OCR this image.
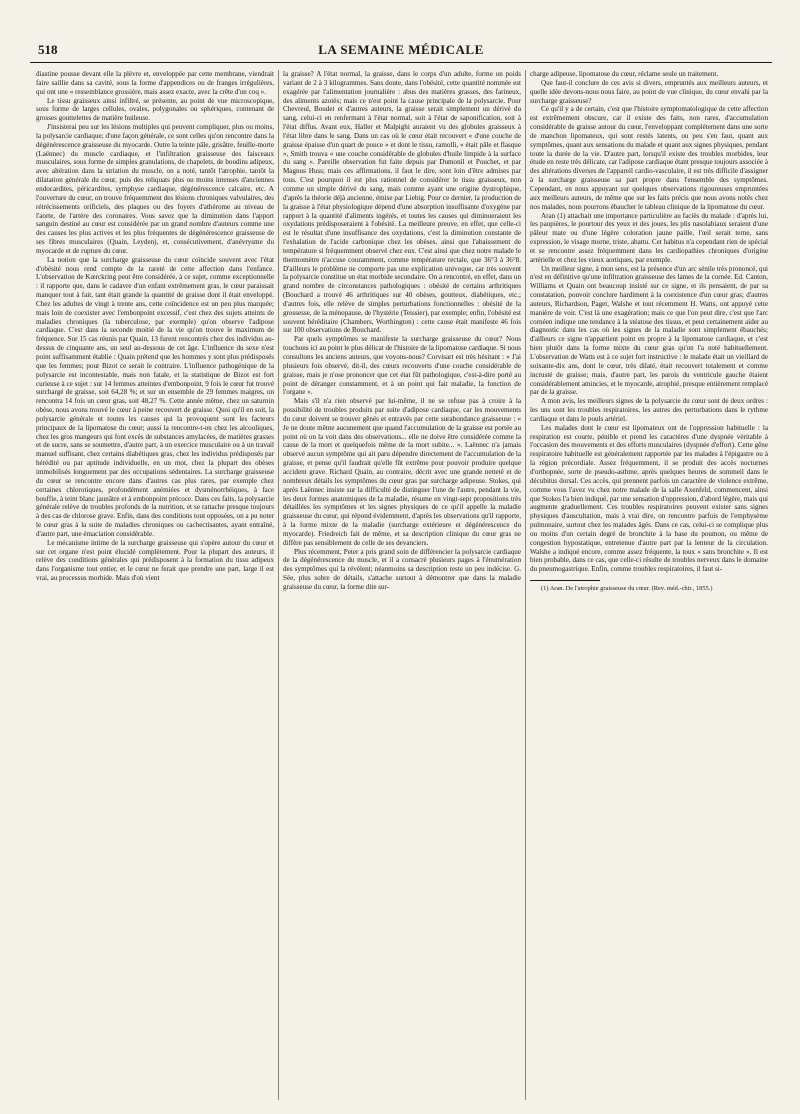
518	LA SEMAINE MÉDICALE

diastine pousse devant elle la plèvre et, enveloppée par cette membrane, viendrait faire saillie dans sa cavité, sous la forme d'appendices ou de franges irrégulières, qui ont une « ressemblance grossière, mais assez exacte, avec la crête d'un coq ».

Le tissu graisseux ainsi infiltré, se présente, au point de vue microscopique, sous forme de larges cellules, ovales, polygonales ou sphériques, contenant de grosses gouttelettes de matière huileuse.

J'insisterai peu sur les lésions multiples qui peuvent compliquer, plus ou moins, la polysarcie cardiaque; d'une façon générale, ce sont celles qu'on rencontre dans la dégénérescence graisseuse du myocarde. Outre la teinte pâle, grisâtre, feuille-morte (Laënnec) du muscle cardiaque, et l'infiltration graisseuse des faisceaux musculaires, sous forme de simples granulations, de chapelets, de boudins adipeux, avec altération dans la striation du muscle, on a noté, tantôt l'atrophie, tantôt la dilatation générale du cœur, puis des reliquats plus ou moins intenses d'anciennes endocardites, péricardites, symphyse cardiaque, dégénérescence calcaire, etc. A l'ouverture du cœur, on trouve fréquemment des lésions chroniques valvulaires, des rétrécissements orificiels, des plaques ou des foyers d'athérome au niveau de l'aorte, de l'artère des coronaires. Vous savez que la diminution dans l'apport sanguin destiné au cœur est considérée par un grand nombre d'auteurs comme une des causes les plus actives et les plus fréquentes de dégénérescence graisseuse de ses fibres musculaires (Quain, Leyden), et, consécutivement, d'anévrysme du myocarde et de rupture du cœur.

La notion que la surcharge graisseuse du cœur coïncide souvent avec l'état d'obésité nous rend compte de la rareté de cette affection dans l'enfance. L'observation de Kœrckring peut être considérée, à ce sujet, comme exceptionnelle : il rapporte que, dans le cadavre d'un enfant extrêmement gras, le cœur paraissait manquer tout à fait, tant était grande la quantité de graisse dont il était enveloppé. Chez les adultes de vingt à trente ans, cette coïncidence est un peu plus marquée; mais loin de coexister avec l'embonpoint excessif, c'est chez des sujets atteints de maladies chroniques (la tuberculose, par exemple) qu'on observe l'adipose cardiaque. C'est dans la seconde moitié de la vie qu'on trouve le maximum de fréquence. Sur 15 cas réunis par Quain, 13 furent rencontrés chez des individus au-dessus de cinquante ans, un seul au-dessous de cet âge. L'influence du sexe n'est point suffisamment établie : Quain prétend que les hommes y sont plus prédisposés que les femmes; pour Bizot ce serait le contraire. L'influence pathogénique de la polysarcie est incontestable, mais non fatale, et la statistique de Bizot est fort curieuse à ce sujet : sur 14 femmes atteintes d'embonpoint, 9 fois le cœur fut trouvé surchargé de graisse, soit 64,28 %; et sur un ensemble de 29 femmes maigres, on rencontra 14 fois un cœur gras, soit 48,27 %. Cette année même, chez un saturnin obèse, nous avons trouvé le cœur à peine recouvert de graisse. Quoi qu'il en soit, la polysarcie générale et toutes les causes qui la provoquent sont les facteurs principaux de la lipomatose du cœur; aussi la rencontre-t-on chez les alcooliques, chez les gros mangeurs qui font excès de substances amylacées, de matières grasses et de sucre, sans se soumettre, d'autre part, à un exercice musculaire ou à un travail manuel suffisant, chez certains diabétiques gras, chez les individus prédisposés par hérédité ou par aptitude individuelle, en un mot, chez la plupart des obèses immobilisés longuement par des occupations sédentaires. La surcharge graisseuse du cœur se rencontre encore dans d'autres cas plus rares, par exemple chez certaines chlorotiques, profondément anémiées et dysménorrhéiques, à face bouffie, à teint blanc jaunâtre et à embonpoint précoce. Dans ces faits, la polysarcie générale relève de troubles profonds de la nutrition, et se rattache presque toujours à des cas de chlorose grave. Enfin, dans des conditions tout opposées, on a pu noter le cœur gras à la suite de maladies chroniques ou cachectisantes, ayant entraîné, d'autre part, une émaciation considérable.

Le mécanisme intime de la surcharge graisseuse qui s'opère autour du cœur et sur cet organe n'est point élucidé complètement. Pour la plupart des auteurs, il relève des conditions générales qui prédisposent à la formation du tissu adipeux dans l'organisme tout entier, et le cœur ne ferait que prendre une part, large il est vrai, au processus morbide. Mais d'où vient

la graisse? A l'état normal, la graisse, dans le corps d'un adulte, forme un poids variant de 2 à 3 kilogrammes. Sans doute, dans l'obésité, cette quantité nommée est exagérée par l'alimentation journalière : abus des matières grasses, des farineux, des aliments azotés; mais ce n'est point la cause principale de la polysarcie. Pour Chevreul, Boudet et d'autres auteurs, la graisse serait simplement un dérivé du sang, celui-ci en renfermant à l'état normal, soit à l'état de saponification, soit à l'état diffus. Avant eux, Haller et Malpighi auraient vu des globules graisseux à l'état libre dans le sang. Dans un cas où le cœur était recouvert « d'une couche de graisse épaisse d'un quart de pouce » et dont le tissu, ramolli, « était pâle et flasque », Smith trouva « une couche considérable de globules d'huile limpide à la surface du sang ». Pareille observation fut faite depuis par Dumonil et Pouchet, et par Magnus Huss; mais ces affirmations, il faut le dire, sont loin d'être admises par tous. C'est pourquoi il est plus rationnel de considérer le tissu graisseux, non comme un simple dérivé du sang, mais comme ayant une origine dystrophique, d'après la théorie déjà ancienne, émise par Liebig. Pour ce dernier, la production de la graisse à l'état physiologique dépend d'une absorption insuffisante d'oxygène par rapport à la quantité d'aliments ingérés, et toutes les causes qui diminueraient les oxydations prédisposeraient à l'obésité. La meilleure preuve, en effet, que celle-ci est le résultat d'une insuffisance des oxydations, c'est la diminution constante de l'exhalation de l'acide carbonique chez les obèses, ainsi que l'abaissement de température si fréquemment observé chez eux. C'est ainsi que chez notre malade le thermomètre n'accuse couramment, comme température rectale, que 36°3 à 36°8. D'ailleurs le problème ne comporte pas une explication univoque, car très souvent la polysarcie constitue un état morbide secondaire. On a rencontré, en effet, dans un grand nombre de circonstances pathologiques : obésité de certains arthritiques (Bouchard a trouvé 46 arthritiques sur 40 obèses, goutteux, diabétiques, etc.; d'autres fois, elle relève de simples perturbations fonctionnelles : obésité de la grossesse, de la ménopause, de l'hystérie (Teissier), par exemple; enfin, l'obésité est souvent héréditaire (Chambers, Worthington) : cette cause était manifeste 46 fois sur 100 observations de Bouchard.

Par quels symptômes se manifeste la surcharge graisseuse du cœur? Nous touchons ici au point le plus délicat de l'histoire de la lipomatose cardiaque. Si nous consultons les anciens auteurs, que voyons-nous? Corvisart est très hésitant : « J'ai plusieurs fois observé, dit-il, des cœurs recouverts d'une couche considérable de graisse, mais je n'ose prononcer que cet état fût pathologique, c'est-à-dire porté au point de déranger constamment, et à un point qui fait maladie, la fonction de l'organe ».

Mais s'il n'a rien observé par lui-même, il ne se refuse pas à croire à la possibilité de troubles produits par suite d'adipose cardiaque, car les mouvements du cœur doivent se trouver gênés et entravés par cette surabondance graisseuse : « Je ne doute même aucunement que quand l'accumulation de la graisse est portée au point où on la voit dans des observations... elle ne doive être considérée comme la cause de la mort et quelquefois même de la mort subite... ». Laënnec n'a jamais observé aucun symptôme qui ait paru dépendre directement de l'accumulation de la graisse, et pense qu'il faudrait qu'elle fût extrême pour pouvoir produire quelque accident grave. Richard Quain, au contraire, décrit avec une grande netteté et de nombreux détails les symptômes du cœur gras par surcharge adipeuse. Stokes, qui après Laënnec insiste sur la difficulté de distinguer l'une de l'autre, pendant la vie, les deux formes anatomiques de la maladie, résume en vingt-sept propositions très détaillées les symptômes et les signes physiques de ce qu'il appelle la maladie graisseuse du cœur, qui répond évidemment, d'après les observations qu'il rapporte, à la forme mixte de la maladie (surcharge extérieure et dégénérescence du myocarde). Friedreich fait de même, et sa description clinique du cœur gras ne diffère pas sensiblement de celle de ses devanciers.

Plus récemment, Peter a pris grand soin de différencier la polysarcie cardiaque de la dégénérescence du muscle, et il a consacré plusieurs pages à l'énumération des symptômes qui la révèlent; néanmoins sa description reste un peu indécise. G. Sée, plus sobre de détails, s'attache surtout à démontrer que dans la maladie graisseuse du cœur, la forme dite sur-

charge adipeuse, lipomatose du cœur, réclame seule un traitement.

Que faut-il conclure de ces avis si divers, empruntés aux meilleurs auteurs, et quelle idée devons-nous nous faire, au point de vue clinique, du cœur envahi par la surcharge graisseuse?

Ce qu'il y a de certain, c'est que l'histoire symptomatologique de cette affection est extrêmement obscure, car il existe des faits, non rares, d'accumulation considérable de graisse autour du cœur, l'enveloppant complètement dans une sorte de manchon lipomateux, qui sont restés latents, ou peu s'en faut, quant aux symptômes, quant aux sensations du malade et quant aux signes physiques, pendant toute la durée de la vie. D'autre part, lorsqu'il existe des troubles morbides, leur étude en reste très délicate, car l'adipose cardiaque étant presque toujours associée à des altérations diverses de l'appareil cardio-vasculaire, il est très difficile d'assigner à la surcharge graisseuse sa part propre dans l'ensemble des symptômes. Cependant, en nous appuyant sur quelques observations rigoureuses empruntées aux meilleurs auteurs, de même que sur les faits précis que nous avons notés chez nos malades, nous pourrons ébaucher le tableau clinique de la lipomatose du cœur.

Aran (1) attachait une importance particulière au faciès du malade : d'après lui, les paupières, le pourtour des yeux et des joues, les plis nasolabiaux seraient d'une pâleur mate ou d'une légère coloration jaune paille, l'œil serait terne, sans expression, le visage morne, triste, abattu. Cet habitus n'a cependant rien de spécial et se rencontre assez fréquemment dans les cardiopathies chroniques d'origine artérielle et chez les vieux aortiques, par exemple.

Un meilleur signe, à mon sens, est la présence d'un arc sénile très prononcé, qui n'est en définitive qu'une infiltration graisseuse des lames de la cornée. Ed. Canton, Williams et Quain ont beaucoup insisté sur ce signe, et ils pensaient, de par sa constatation, pouvoir conclure hardiment à la coexistence d'un cœur gras; d'autres auteurs, Richardson, Paget, Walshe et tout récemment H. Watts, ont appuyé cette manière de voir. C'est là une exagération; mais ce que l'on peut dire, c'est que l'arc cornéen indique une tendance à la stéatose des tissus, et peut certainement aider au diagnostic dans les cas où les signes de la maladie sont simplement ébauchés; d'ailleurs ce signe n'appartient point en propre à la lipomatose cardiaque, et c'est bien plutôt dans la forme mixte du cœur gras qu'on l'a noté habituellement. L'observation de Watts est à ce sujet fort instructive : le malade était un vieillard de soixante-dix ans, dont le cœur, très dilaté, était recouvert totalement et comme incrusté de graisse; mais, d'autre part, les parois du ventricule gauche étaient considérablement amincies, et le myocarde, atrophié, presque entièrement remplacé par de la graisse.

A mon avis, les meilleurs signes de la polysarcie du cœur sont de deux ordres : les uns sont les troubles respiratoires, les autres des perturbations dans le rythme cardiaque et dans le pouls artériel.

Les malades dont le cœur est lipomateux ont de l'oppression habituelle : la respiration est courte, pénible et prend les caractères d'une dyspnée véritable à l'occasion des mouvements et des efforts musculaires (dyspnée d'effort). Cette gêne respiratoire habituelle est généralement rapportée par les malades à l'épigastre ou à la région précordiale. Assez fréquemment, il se produit des accès nocturnes d'orthopnée, sorte de pseudo-asthme, après quelques heures de sommeil dans le décubitus dorsal. Ces accès, qui prennent parfois un caractère de violence extrême, comme vous l'avez vu chez notre malade de la salle Axenfeld, commencent, ainsi que Stokes l'a bien indiqué, par une sensation d'oppression, d'abord légère, mais qui augmente graduellement. Ces troubles respiratoires peuvent exister sans signes physiques d'auscultation, mais à vrai dire, on rencontre parfois de l'emphysème pulmonaire, surtout chez les malades âgés. Dans ce cas, celui-ci se complique plus ou moins d'un certain degré de bronchite à la base du poumon, ou même de congestion hypostatique, entretenue d'autre part par la lenteur de la circulation. Walshe a indiqué encore, comme assez fréquente, la toux « sans bronchite ». Il est bien probable, dans ce cas, que celle-ci résulte de troubles nerveux dans le domaine du pneumogastrique. Enfin, comme troubles respiratoires, il faut si-

(1) Aran. De l'atrophie graisseuse du cœur. (Rev. méd.-chir., 1855.)
